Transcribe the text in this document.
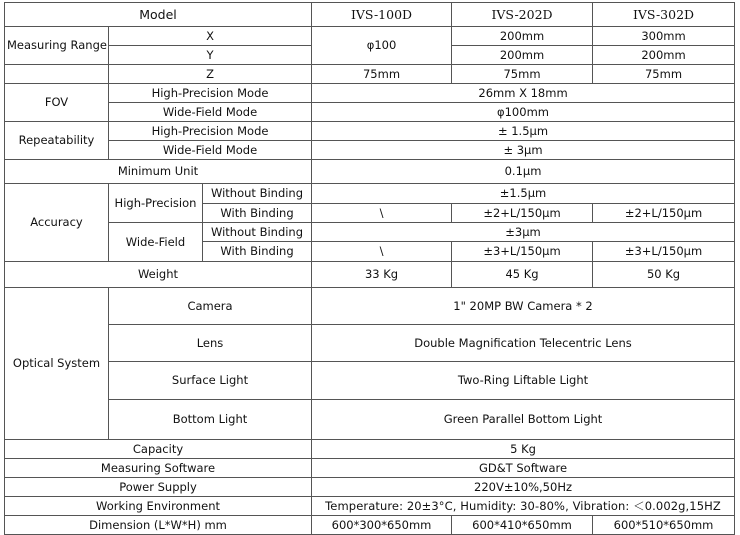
Model			IVS-100D	IVS-202D	IVS-302D
Measuring Range	X		φ100	200mm	300mm
	Y			200mm	200mm
	Z		75mm	75mm	75mm
FOV	High-Precision Mode		26mm X 18mm		
	Wide-Field Mode		φ100mm		
Repeatability	High-Precision Mode		± 1.5μm		
	Wide-Field Mode		± 3μm		
Minimum Unit			0.1μm		
Accuracy	High-Precision	Without Binding	±1.5μm		
		With Binding	\	±2+L/150μm	±2+L/150μm
	Wide-Field	Without Binding	±3μm		
		With Binding	\	±3+L/150μm	±3+L/150μm
Weight			33 Kg	45 Kg	50 Kg
Optical System	Camera		1" 20MP BW Camera * 2		
	Lens		Double Magnification Telecentric Lens		
	Surface Light		Two-Ring Liftable Light		
	Bottom Light		Green Parallel Bottom Light		
Capacity			5 Kg		
Measuring Software			GD&T Software		
Power Supply			220V±10%,50Hz		
Working Environment			Temperature: 20±3°C, Humidity: 30-80%, Vibration: ＜0.002g,15HZ		
Dimension (L*W*H) mm			600*300*650mm	600*410*650mm	600*510*650mm
